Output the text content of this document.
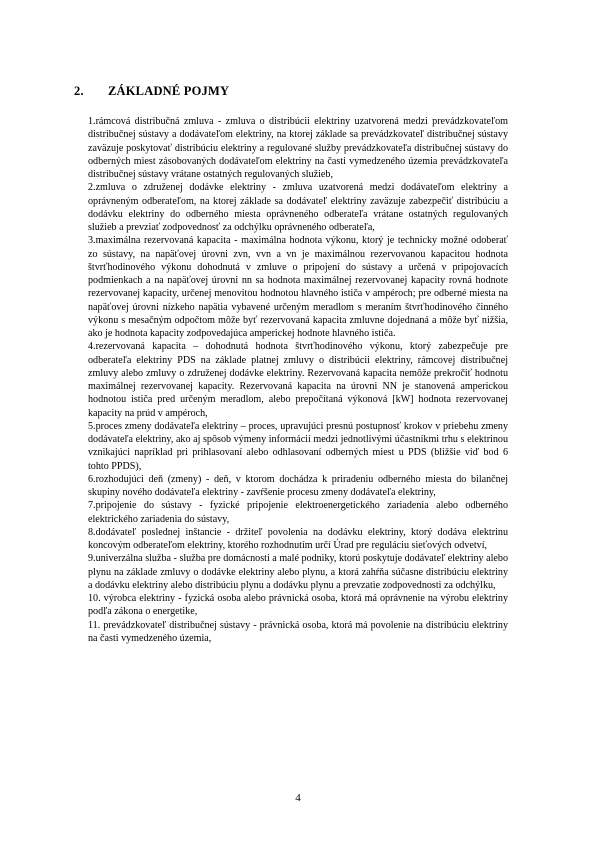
2. ZÁKLADNÉ POJMY

1.rámcová distribučná zmluva - zmluva o distribúcii elektriny uzatvorená medzi prevádzkovateľom distribučnej sústavy a dodávateľom elektriny, na ktorej základe sa prevádzkovateľ distribučnej sústavy zaväzuje poskytovať distribúciu elektriny a regulované služby prevádzkovateľa distribučnej sústavy do odberných miest zásobovaných dodávateľom elektriny na časti vymedzeného územia prevádzkovateľa distribučnej sústavy vrátane ostatných regulovaných služieb,

2.zmluva o združenej dodávke elektriny - zmluva uzatvorená medzi dodávateľom elektriny a oprávneným odberateľom, na ktorej základe sa dodávateľ elektriny zaväzuje zabezpečiť distribúciu a dodávku elektriny do odberného miesta oprávneného odberateľa vrátane ostatných regulovaných služieb a prevziať zodpovednosť za odchýlku oprávneného odberateľa,

3.maximálna rezervovaná kapacita - maximálna hodnota výkonu, ktorý je technicky možné odoberať zo sústavy, na napäťovej úrovni zvn, vvn a vn je maximálnou rezervovanou kapacitou hodnota štvrťhodinového výkonu dohodnutá v zmluve o pripojení do sústavy a určená v pripojovacích podmienkach a na napäťovej úrovni nn sa hodnota maximálnej rezervovanej kapacity rovná hodnote rezervovanej kapacity, určenej menovitou hodnotou hlavného ističa v ampéroch; pre odberné miesta na napäťovej úrovni nízkeho napätia vybavené určeným meradlom s meraním štvrťhodinového činného výkonu s mesačným odpočtom môže byť rezervovaná kapacita zmluvne dojednaná a môže byť nižšia, ako je hodnota kapacity zodpovedajúca amperickej hodnote hlavného ističa.

4.rezervovaná kapacita – dohodnutá hodnota štvrťhodinového výkonu, ktorý zabezpečuje pre odberateľa elektriny PDS na základe platnej zmluvy o distribúcii elektriny, rámcovej distribučnej zmluvy alebo zmluvy o združenej dodávke elektriny. Rezervovaná kapacita nemôže prekročiť hodnotu maximálnej rezervovanej kapacity. Rezervovaná kapacita na úrovni NN je stanovená amperickou hodnotou ističa pred určeným meradlom, alebo prepočítaná výkonová [kW] hodnota rezervovanej kapacity na prúd v ampéroch,

5.proces zmeny dodávateľa elektriny – proces, upravujúci presnú postupnosť krokov v priebehu zmeny dodávateľa elektriny, ako aj spôsob výmeny informácií medzi jednotlivými účastníkmi trhu s elektrinou vznikajúci napríklad pri prihlasovaní alebo odhlasovaní odberných miest u PDS (bližšie viď bod 6 tohto PPDS),

6.rozhodujúci deň (zmeny) - deň, v ktorom dochádza k priradeniu odberného miesta do bilančnej skupiny nového dodávateľa elektriny - zavŕšenie procesu zmeny dodávateľa elektriny,

7.pripojenie do sústavy - fyzické pripojenie elektroenergetického zariadenia alebo odberného elektrického zariadenia do sústavy,

8.dodávateľ poslednej inštancie - držiteľ povolenia na dodávku elektriny, ktorý dodáva elektrinu koncovým odberateľom elektriny, ktorého rozhodnutím určí Úrad pre reguláciu sieťových odvetví,

9.univerzálna služba - služba pre domácnosti a malé podniky, ktorú poskytuje dodávateľ elektriny alebo plynu na základe zmluvy o dodávke elektriny alebo plynu, a ktorá zahŕňa súčasne distribúciu elektriny a dodávku elektriny alebo distribúciu plynu a dodávku plynu a prevzatie zodpovednosti za odchýlku,

10. výrobca elektriny - fyzická osoba alebo právnická osoba, ktorá má oprávnenie na výrobu elektriny podľa zákona o energetike,

11. prevádzkovateľ distribučnej sústavy - právnická osoba, ktorá má povolenie na distribúciu elektriny na časti vymedzeného územia,

4
